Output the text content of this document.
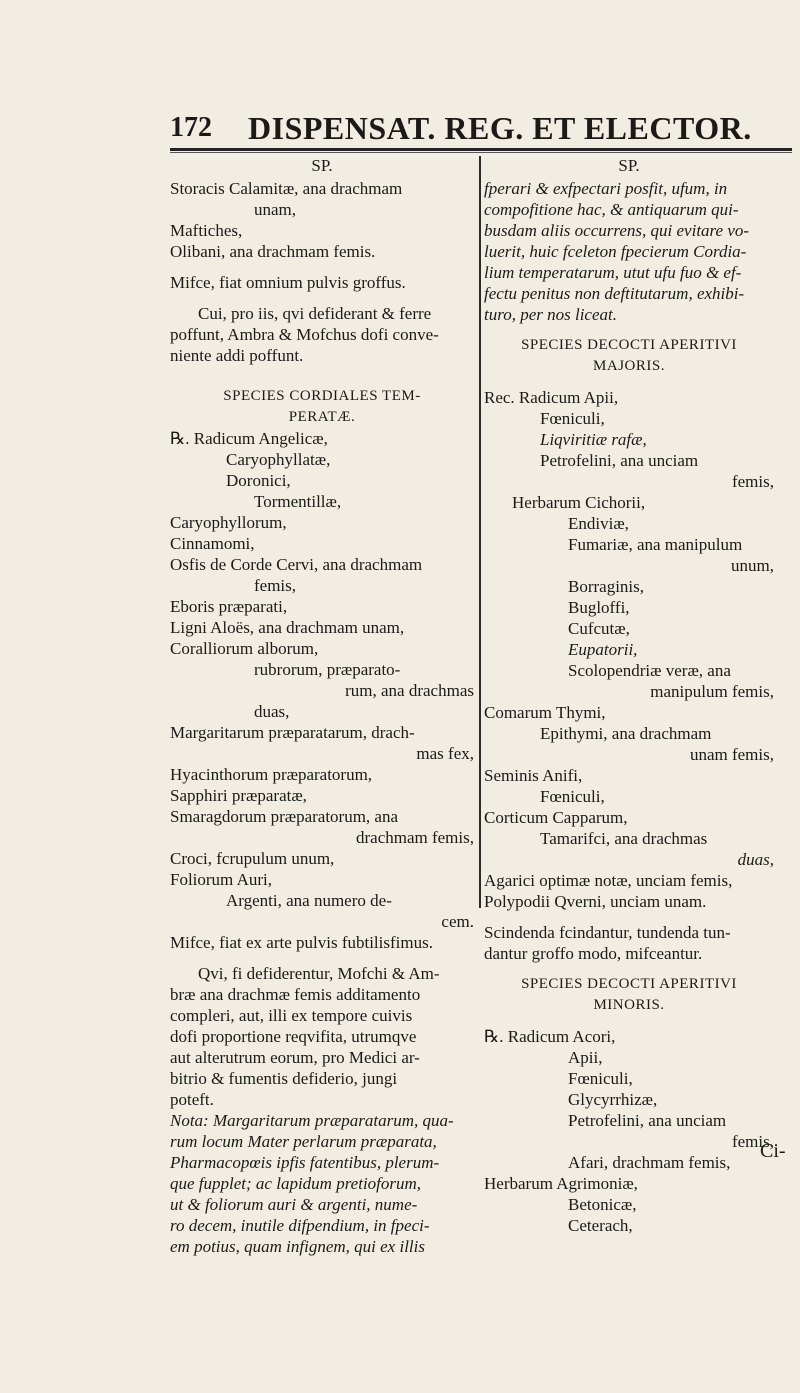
172 DISPENSAT. REG. ET ELECTOR.
SP.
Storacis Calamitæ, ana drachmam
unam,
Maftiches,
Olibani, ana drachmam femis.
Mifce, fiat omnium pulvis groffus.
Cui, pro iis, qvi defiderant & ferre
poffunt, Ambra & Mofchus dofi conve-
niente addi poffunt.
SPECIES CORDIALES TEM-
PERATÆ.
℞. Radicum Angelicæ,
Caryophyllatæ,
Doronici,
Tormentillæ,
Caryophyllorum,
Cinnamomi,
Osfis de Corde Cervi, ana drachmam
femis,
Eboris præparati,
Ligni Aloës, ana drachmam unam,
Coralliorum alborum,
rubrorum, præparato-
rum, ana drachmas
duas,
Margaritarum præparatarum, drach-
mas fex,
Hyacinthorum præparatorum,
Sapphiri præparatæ,
Smaragdorum præparatorum, ana
drachmam femis,
Croci, fcrupulum unum,
Foliorum Auri,
Argenti, ana numero de-
cem.
Mifce, fiat ex arte pulvis fubtilisfimus.
Qvi, fi defiderentur, Mofchi & Am-
bræ ana drachmæ femis additamento
compleri, aut, illi ex tempore cuivis
dofi proportione reqvifita, utrumqve
aut alterutrum eorum, pro Medici ar-
bitrio & fumentis defiderio, jungi
poteft.
Nota: Margaritarum præparatarum, qua-
rum locum Mater perlarum præparata,
Pharmacopœis ipfis fatentibus, plerum-
que fupplet; ac lapidum pretioforum,
ut & foliorum auri & argenti, nume-
ro decem, inutile difpendium, in fpeci-
em potius, quam infignem, qui ex illis
SP.
fperari & exfpectari posfit, ufum, in
compofitione hac, & antiquarum qui-
busdam aliis occurrens, qui evitare vo-
luerit, huic fceleton fpecierum Cordia-
lium temperatarum, utut ufu fuo & ef-
fectu penitus non deftitutarum, exhibi-
turo, per nos liceat.
SPECIES DECOCTI APERITIVI
MAJORIS.
Rec. Radicum Apii,
Fœniculi,
Liqviritiæ rafæ,
Petrofelini, ana unciam
femis,
Herbarum Cichorii,
Endiviæ,
Fumariæ, ana manipulum
unum,
Borraginis,
Bugloffi,
Cufcutæ,
Eupatorii,
Scolopendriæ veræ, ana
manipulum femis,
Comarum Thymi,
Epithymi, ana drachmam
unam femis,
Seminis Anifi,
Fœniculi,
Corticum Capparum,
Tamarifci, ana drachmas
duas,
Agarici optimæ notæ, unciam femis,
Polypodii Qverni, unciam unam.
Scindenda fcindantur, tundenda tun-
dantur groffo modo, mifceantur.
SPECIES DECOCTI APERITIVI
MINORIS.
℞. Radicum Acori,
Apii,
Fœniculi,
Glycyrrhizæ,
Petrofelini, ana unciam
femis,
Afari, drachmam femis,
Herbarum Agrimoniæ,
Betonicæ,
Ceterach,
Ci-
